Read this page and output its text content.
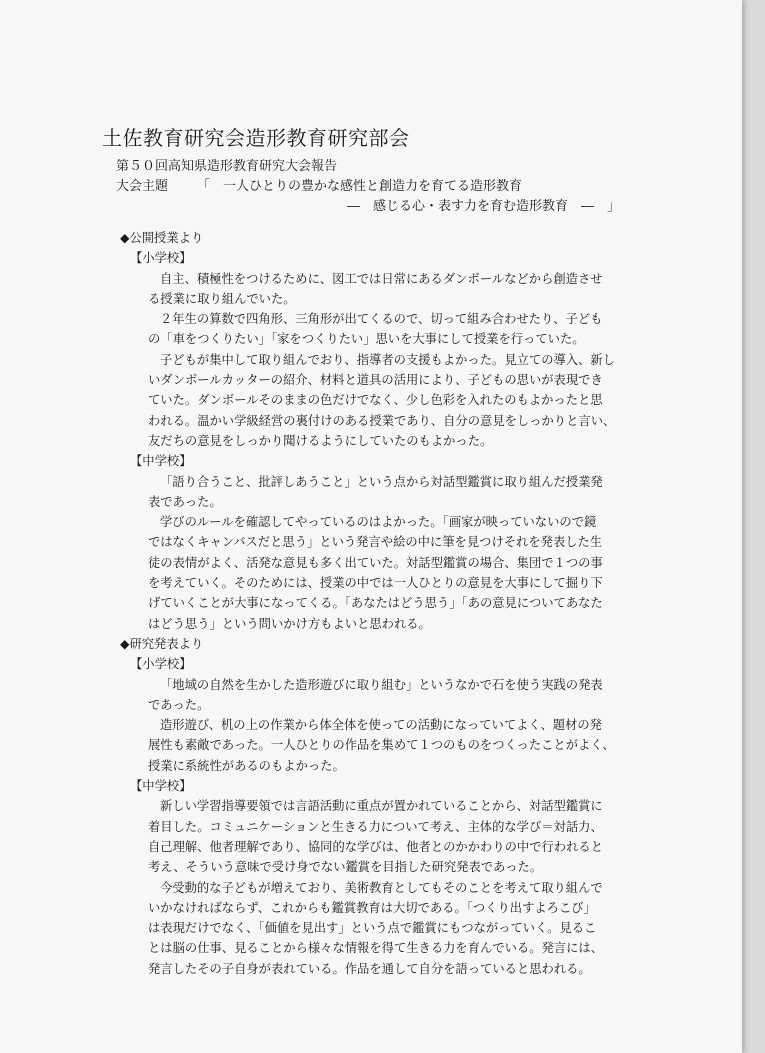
土佐教育研究会造形教育研究部会
第５０回高知県造形教育研究大会報告
大会主題 「　一人ひとりの豊かな感性と創造力を育てる造形教育
―　感じる心・表す力を育む造形教育　―　」
◆公開授業より
【小学校】
自主、積極性をつけるために、図工では日常にあるダンボールなどから創造させ
る授業に取り組んでいた。
２年生の算数で四角形、三角形が出てくるので、切って組み合わせたり、子ども
の「車をつくりたい」「家をつくりたい」思いを大事にして授業を行っていた。
子どもが集中して取り組んでおり、指導者の支援もよかった。見立ての導入、新し
いダンボールカッターの紹介、材料と道具の活用により、子どもの思いが表現でき
ていた。ダンボールそのままの色だけでなく、少し色彩を入れたのもよかったと思
われる。温かい学級経営の裏付けのある授業であり、自分の意見をしっかりと言い、
友だちの意見をしっかり聞けるようにしていたのもよかった。
【中学校】
「語り合うこと、批評しあうこと」という点から対話型鑑賞に取り組んだ授業発
表であった。
学びのルールを確認してやっているのはよかった。「画家が映っていないので鏡
ではなくキャンバスだと思う」という発言や絵の中に筆を見つけそれを発表した生
徒の表情がよく、活発な意見も多く出ていた。対話型鑑賞の場合、集団で１つの事
を考えていく。そのためには、授業の中では一人ひとりの意見を大事にして掘り下
げていくことが大事になってくる。「あなたはどう思う」「あの意見についてあなた
はどう思う」という問いかけ方もよいと思われる。
◆研究発表より
【小学校】
「地域の自然を生かした造形遊びに取り組む」というなかで石を使う実践の発表
であった。
造形遊び、机の上の作業から体全体を使っての活動になっていてよく、題材の発
展性も素敵であった。一人ひとりの作品を集めて１つのものをつくったことがよく、
授業に系統性があるのもよかった。
【中学校】
新しい学習指導要領では言語活動に重点が置かれていることから、対話型鑑賞に
着目した。コミュニケーションと生きる力について考え、主体的な学び＝対話力、
自己理解、他者理解であり、協同的な学びは、他者とのかかわりの中で行われると
考え、そういう意味で受け身でない鑑賞を目指した研究発表であった。
今受動的な子どもが増えており、美術教育としてもそのことを考えて取り組んで
いかなければならず、これからも鑑賞教育は大切である。「つくり出すよろこび」
は表現だけでなく、「価値を見出す」という点で鑑賞にもつながっていく。見るこ
とは脳の仕事、見ることから様々な情報を得て生きる力を育んでいる。発言には、
発言したその子自身が表れている。作品を通して自分を語っていると思われる。
